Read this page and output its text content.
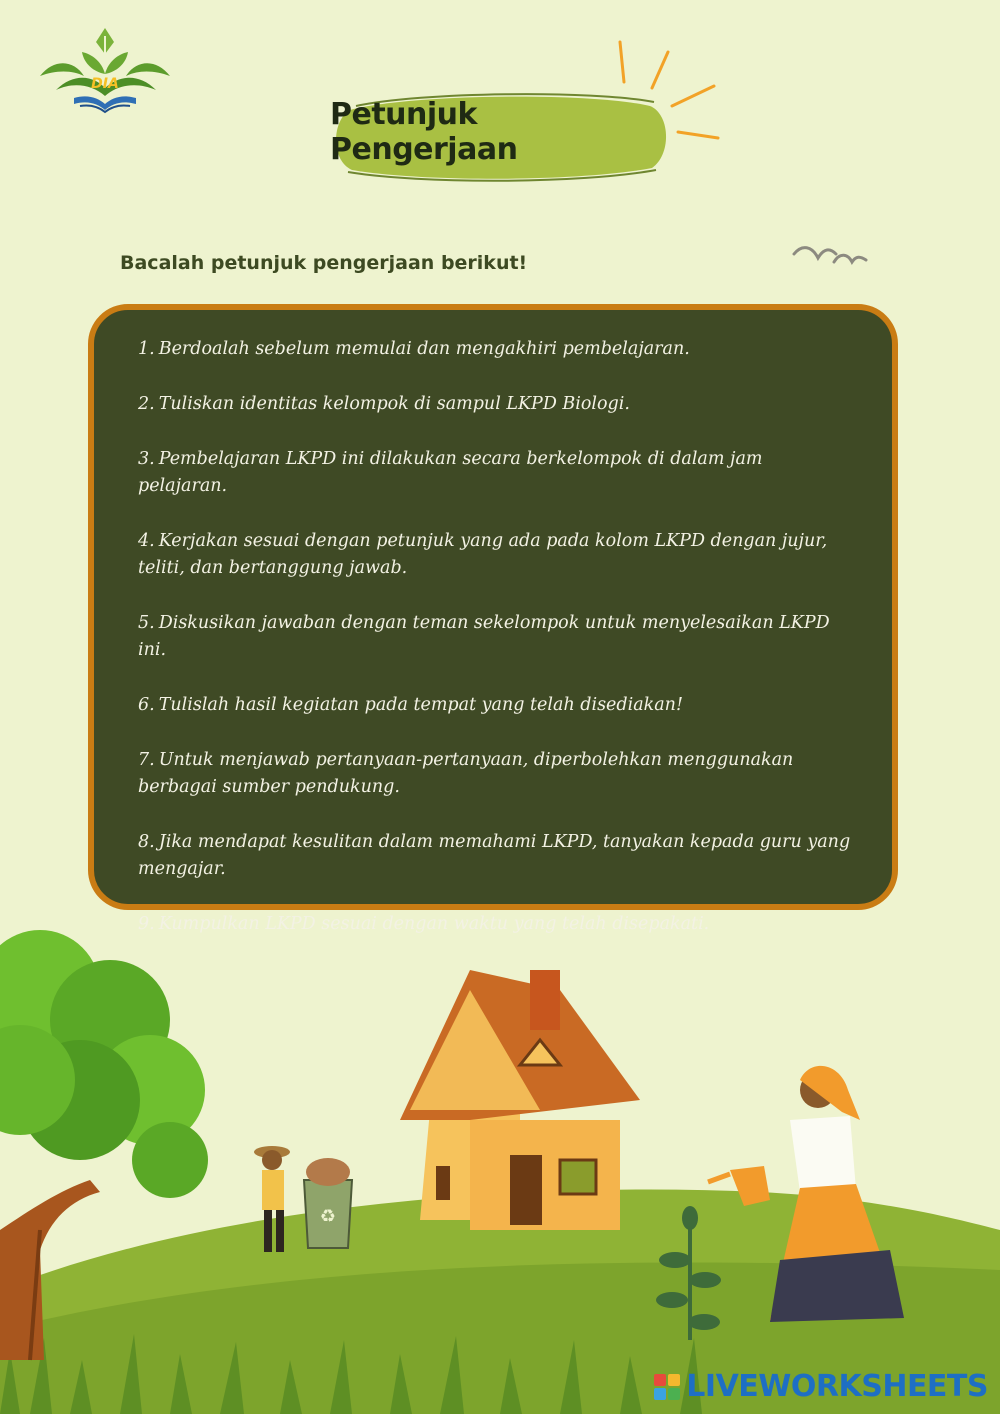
DIA
Petunjuk Pengerjaan
Bacalah petunjuk pengerjaan berikut!
1. Berdoalah sebelum memulai dan mengakhiri pembelajaran.
2. Tuliskan identitas kelompok di sampul LKPD Biologi.
3. Pembelajaran LKPD ini dilakukan secara berkelompok di dalam jam pelajaran.
4. Kerjakan sesuai dengan petunjuk yang ada pada kolom LKPD dengan jujur, teliti, dan bertanggung jawab.
5. Diskusikan jawaban dengan teman sekelompok untuk menyelesaikan LKPD ini.
6. Tulislah hasil kegiatan pada tempat yang telah disediakan!
7. Untuk menjawab pertanyaan-pertanyaan, diperbolehkan menggunakan berbagai sumber pendukung.
8. Jika mendapat kesulitan dalam memahami LKPD, tanyakan kepada guru yang mengajar.
9. Kumpulkan LKPD sesuai dengan waktu yang telah disepakati.
♻
LIVEWORKSHEETS
